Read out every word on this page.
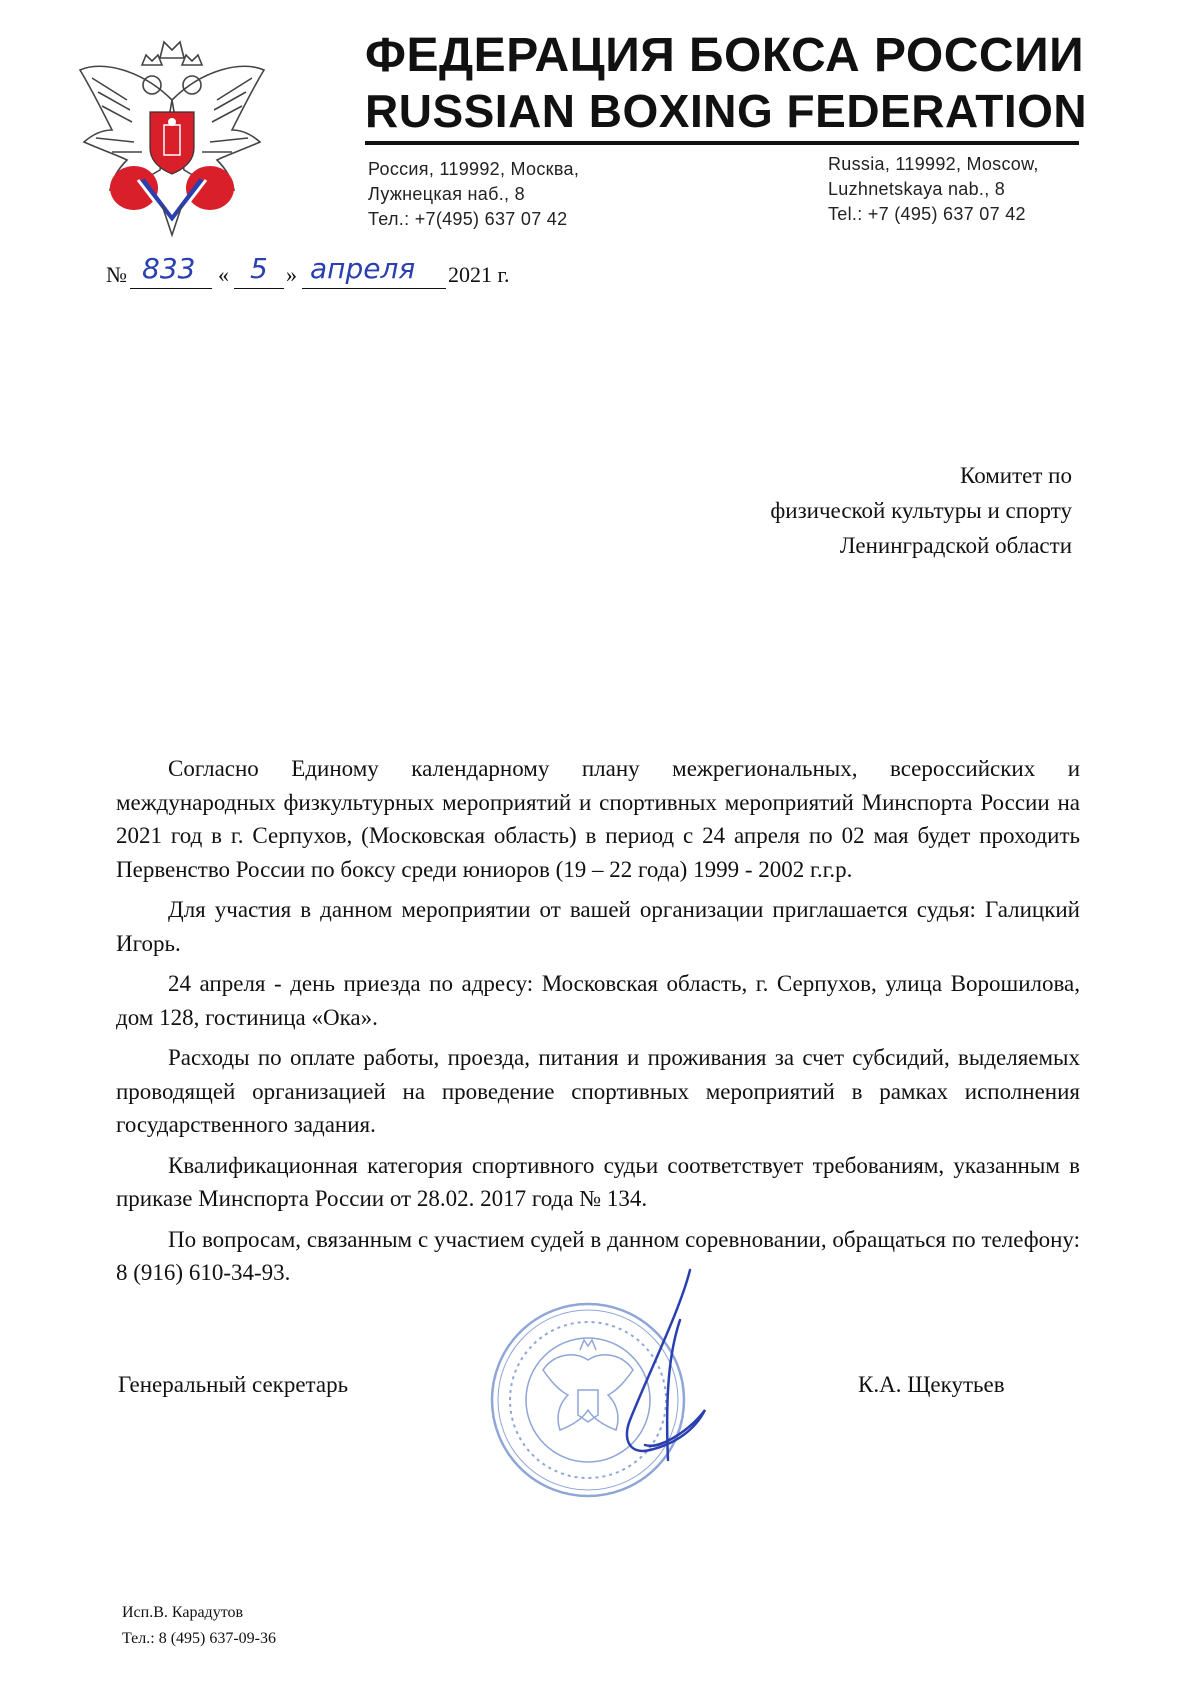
ФЕДЕРАЦИЯ БОКСА РОССИИ
RUSSIAN BOXING FEDERATION
Россия, 119992, Москва,
Лужнецкая наб., 8
Тел.: +7(495) 637 07 42
Russia, 119992, Moscow,
Luzhnetskaya nab., 8
Tel.: +7 (495) 637 07 42
№ 833 « 5 » апреля 2021 г.
Комитет по
физической культуры и спорту
Ленинградской области

Согласно Единому календарному плану межрегиональных, всероссийских и международных физкультурных мероприятий и спортивных мероприятий Минспорта России на 2021 год в г. Серпухов, (Московская область) в период с 24 апреля по 02 мая будет проходить Первенство России по боксу среди юниоров (19 – 22 года) 1999 - 2002 г.г.р.

Для участия в данном мероприятии от вашей организации приглашается судья: Галицкий Игорь.

24 апреля - день приезда по адресу: Московская область, г. Серпухов, улица Ворошилова, дом 128, гостиница «Ока».

Расходы по оплате работы, проезда, питания и проживания за счет субсидий, выделяемых проводящей организацией на проведение спортивных мероприятий в рамках исполнения государственного задания.

Квалификационная категория спортивного судьи соответствует требованиям, указанным в приказе Минспорта России от 28.02. 2017 года № 134.

По вопросам, связанным с участием судей в данном соревновании, обращаться по телефону: 8 (916) 610-34-93.

Генеральный секретарь	К.А. Щекутьев
Исп.В. Карадутов
Тел.: 8 (495) 637-09-36
